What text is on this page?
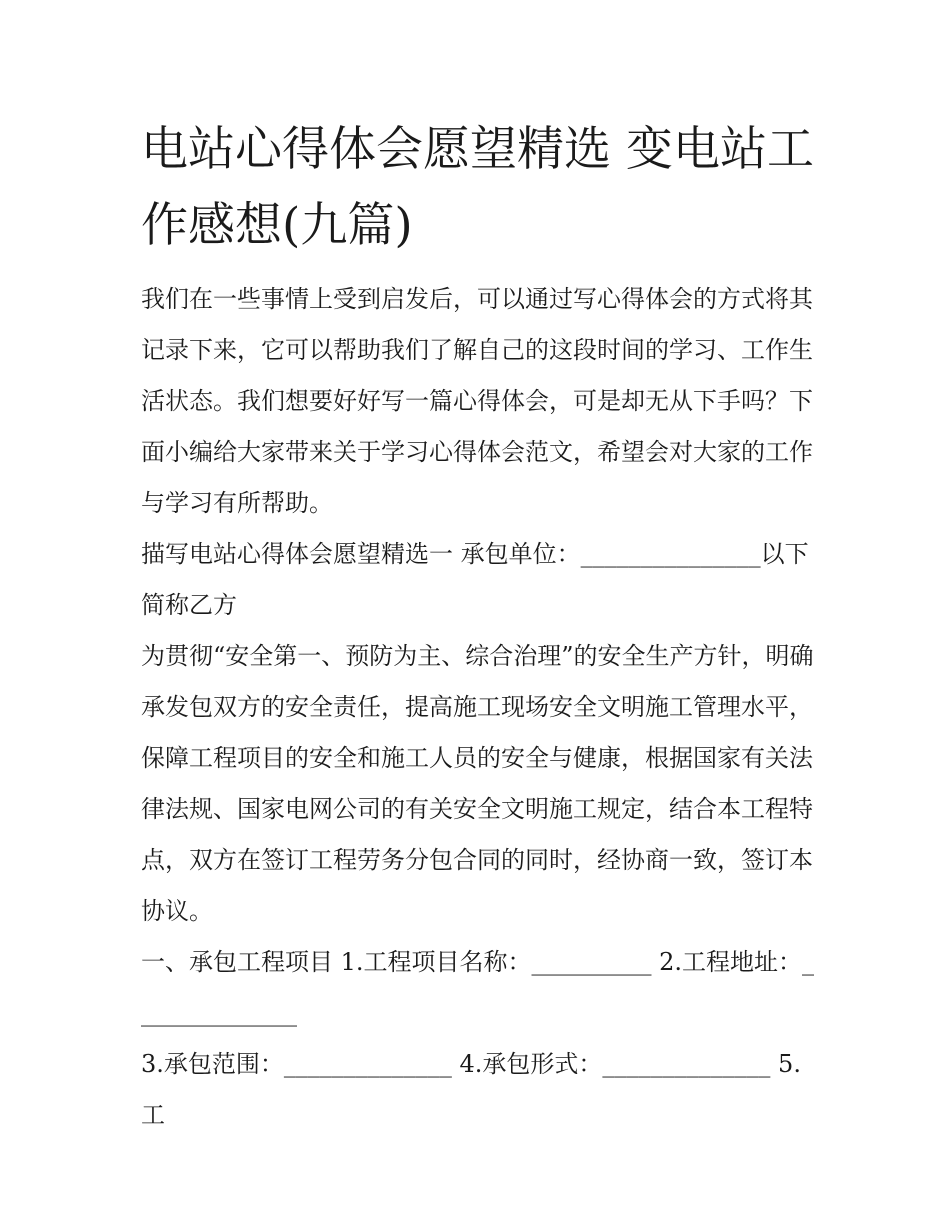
电站心得体会愿望精选 变电站工作感想(九篇)

我们在一些事情上受到启发后，可以通过写心得体会的方式将其记录下来，它可以帮助我们了解自己的这段时间的学习、工作生活状态。我们想要好好写一篇心得体会，可是却无从下手吗？下面小编给大家带来关于学习心得体会范文，希望会对大家的工作与学习有所帮助。

描写电站心得体会愿望精选一 承包单位：_______________以下简称乙方

为贯彻“安全第一、预防为主、综合治理”的安全生产方针，明确承发包双方的安全责任，提高施工现场安全文明施工管理水平，保障工程项目的安全和施工人员的安全与健康，根据国家有关法律法规、国家电网公司的有关安全文明施工规定，结合本工程特点，双方在签订工程劳务分包合同的同时，经协商一致，签订本协议。

一、承包工程项目 1.工程项目名称：__________ 2.工程地址：______________

3.承包范围：______________ 4.承包形式：______________ 5.工
